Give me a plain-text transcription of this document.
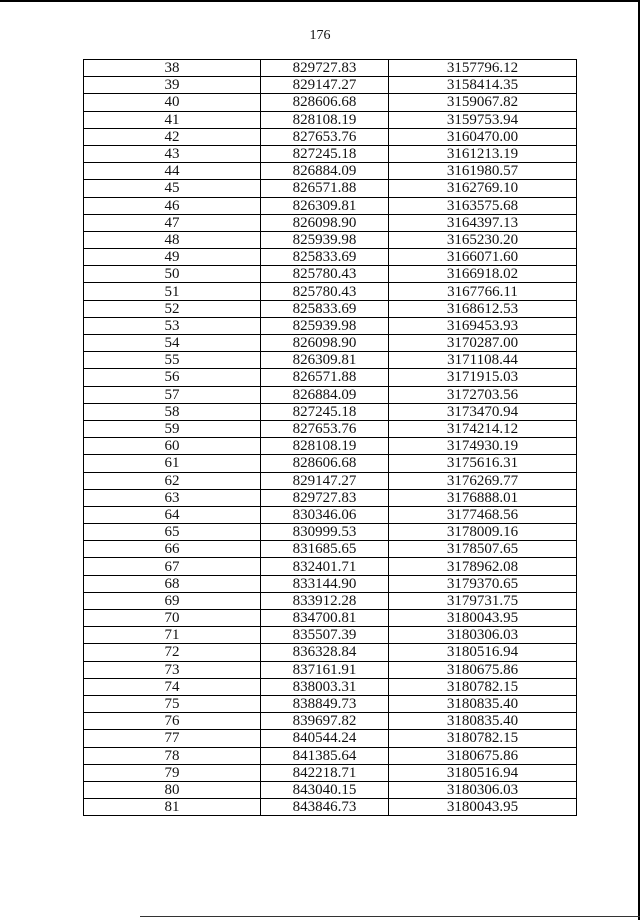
176
38	829727.83	3157796.12
39	829147.27	3158414.35
40	828606.68	3159067.82
41	828108.19	3159753.94
42	827653.76	3160470.00
43	827245.18	3161213.19
44	826884.09	3161980.57
45	826571.88	3162769.10
46	826309.81	3163575.68
47	826098.90	3164397.13
48	825939.98	3165230.20
49	825833.69	3166071.60
50	825780.43	3166918.02
51	825780.43	3167766.11
52	825833.69	3168612.53
53	825939.98	3169453.93
54	826098.90	3170287.00
55	826309.81	3171108.44
56	826571.88	3171915.03
57	826884.09	3172703.56
58	827245.18	3173470.94
59	827653.76	3174214.12
60	828108.19	3174930.19
61	828606.68	3175616.31
62	829147.27	3176269.77
63	829727.83	3176888.01
64	830346.06	3177468.56
65	830999.53	3178009.16
66	831685.65	3178507.65
67	832401.71	3178962.08
68	833144.90	3179370.65
69	833912.28	3179731.75
70	834700.81	3180043.95
71	835507.39	3180306.03
72	836328.84	3180516.94
73	837161.91	3180675.86
74	838003.31	3180782.15
75	838849.73	3180835.40
76	839697.82	3180835.40
77	840544.24	3180782.15
78	841385.64	3180675.86
79	842218.71	3180516.94
80	843040.15	3180306.03
81	843846.73	3180043.95
